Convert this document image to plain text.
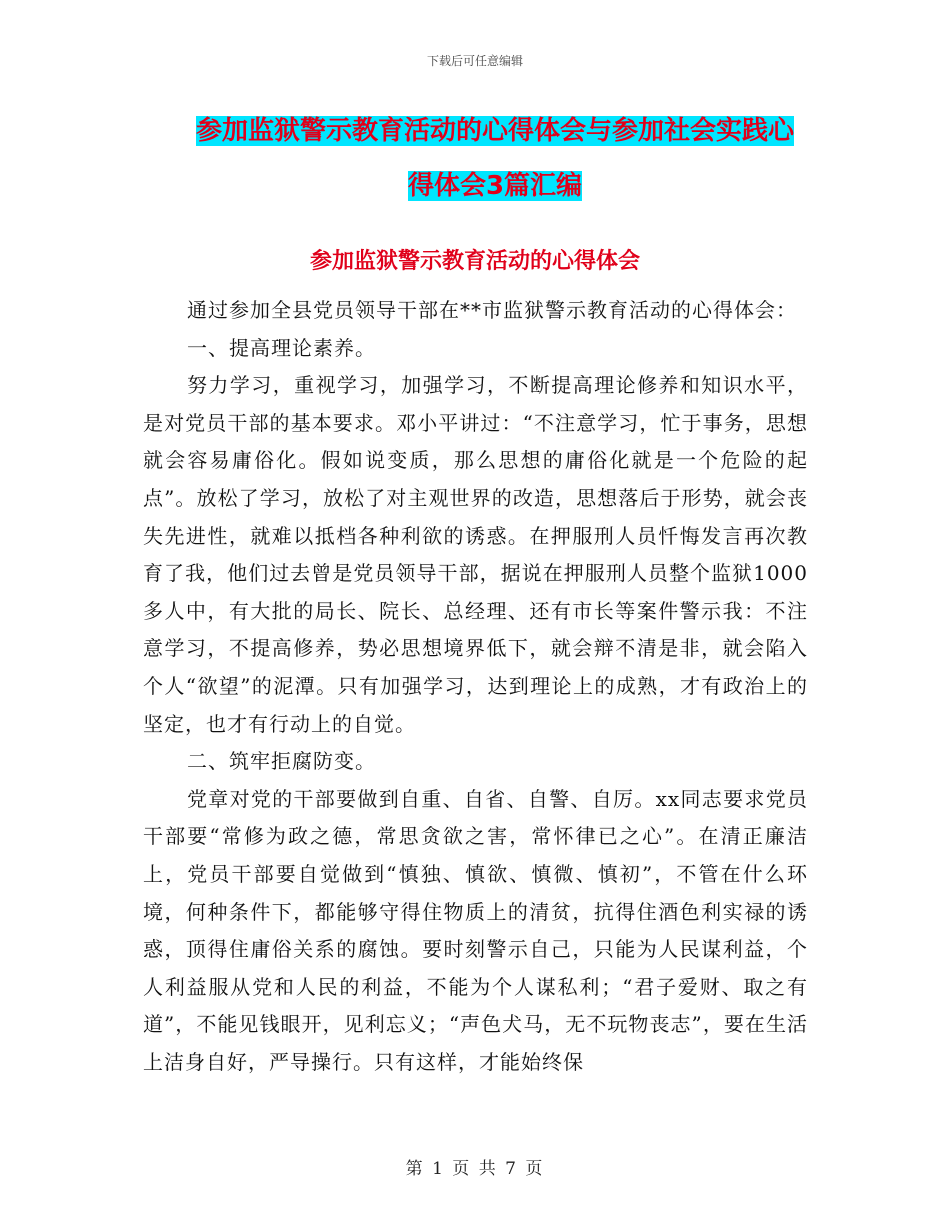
下载后可任意编辑
参加监狱警示教育活动的心得体会与参加社会实践心
得体会3篇汇编
参加监狱警示教育活动的心得体会

通过参加全县党员领导干部在**市监狱警示教育活动的心得体会：

一、提高理论素养。

努力学习，重视学习，加强学习，不断提高理论修养和知识水平，是对党员干部的基本要求。邓小平讲过：“不注意学习，忙于事务，思想就会容易庸俗化。假如说变质，那么思想的庸俗化就是一个危险的起点”。放松了学习，放松了对主观世界的改造，思想落后于形势，就会丧失先进性，就难以抵档各种利欲的诱惑。在押服刑人员忏悔发言再次教育了我，他们过去曾是党员领导干部，据说在押服刑人员整个监狱1000多人中，有大批的局长、院长、总经理、还有市长等案件警示我：不注意学习，不提高修养，势必思想境界低下，就会辩不清是非，就会陷入个人“欲望”的泥潭。只有加强学习，达到理论上的成熟，才有政治上的坚定，也才有行动上的自觉。

二、筑牢拒腐防变。

党章对党的干部要做到自重、自省、自警、自厉。xx同志要求党员干部要“常修为政之德，常思贪欲之害，常怀律已之心”。在清正廉洁上，党员干部要自觉做到“慎独、慎欲、慎微、慎初”，不管在什么环境，何种条件下，都能够守得住物质上的清贫，抗得住酒色利实禄的诱惑，顶得住庸俗关系的腐蚀。要时刻警示自己，只能为人民谋利益，个人利益服从党和人民的利益，不能为个人谋私利；“君子爱财、取之有道”，不能见钱眼开，见利忘义；“声色犬马，无不玩物丧志”，要在生活上洁身自好，严导操行。只有这样，才能始终保

第 1 页 共 7 页
